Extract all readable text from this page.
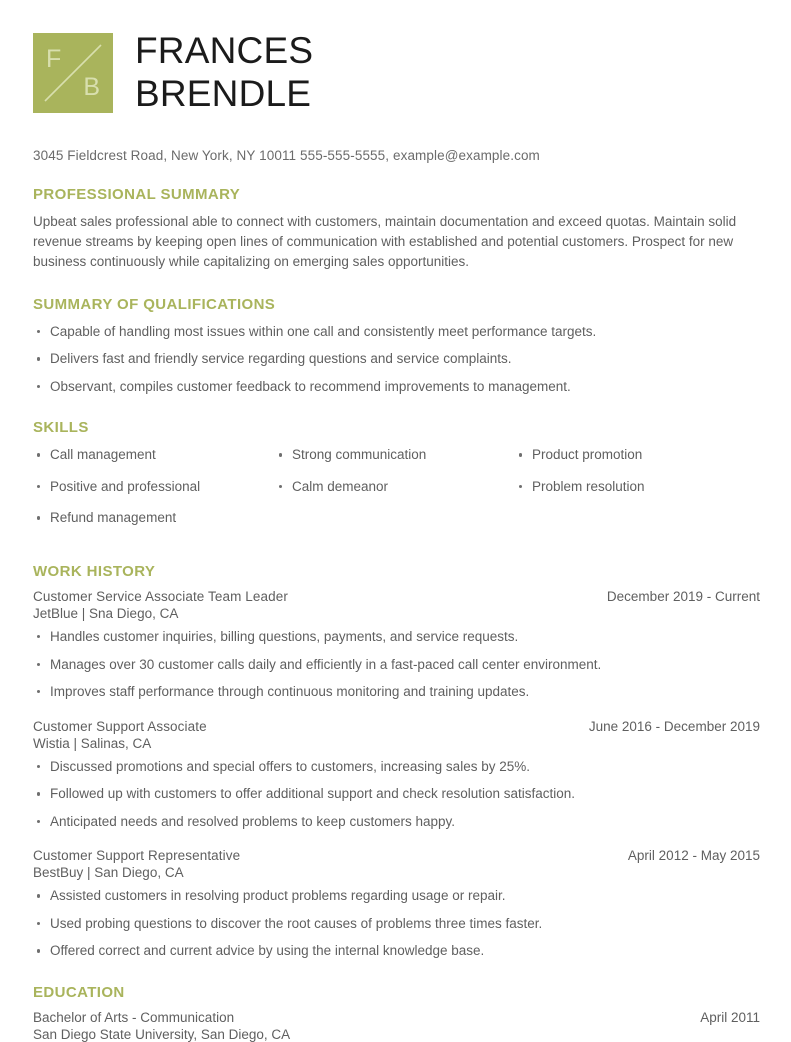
F
B
FRANCES
BRENDLE
3045 Fieldcrest Road, New York, NY 10011 555-555-5555, example@example.com
PROFESSIONAL SUMMARY
Upbeat sales professional able to connect with customers, maintain documentation and exceed quotas. Maintain solid revenue streams by keeping open lines of communication with established and potential customers. Prospect for new business continuously while capitalizing on emerging sales opportunities.
SUMMARY OF QUALIFICATIONS
Capable of handling most issues within one call and consistently meet performance targets.
Delivers fast and friendly service regarding questions and service complaints.
Observant, compiles customer feedback to recommend improvements to management.
SKILLS
Call management
Positive and professional
Refund management
Strong communication
Calm demeanor
Product promotion
Problem resolution
WORK HISTORY
Customer Service Associate Team Leader	December 2019 - Current
JetBlue | Sna Diego, CA
Handles customer inquiries, billing questions, payments, and service requests.
Manages over 30 customer calls daily and efficiently in a fast-paced call center environment.
Improves staff performance through continuous monitoring and training updates.
Customer Support Associate	June 2016 - December 2019
Wistia | Salinas, CA
Discussed promotions and special offers to customers, increasing sales by 25%.
Followed up with customers to offer additional support and check resolution satisfaction.
Anticipated needs and resolved problems to keep customers happy.
Customer Support Representative	April 2012 - May 2015
BestBuy | San Diego, CA
Assisted customers in resolving product problems regarding usage or repair.
Used probing questions to discover the root causes of problems three times faster.
Offered correct and current advice by using the internal knowledge base.
EDUCATION
Bachelor of Arts - Communication	April 2011
San Diego State University, San Diego, CA
